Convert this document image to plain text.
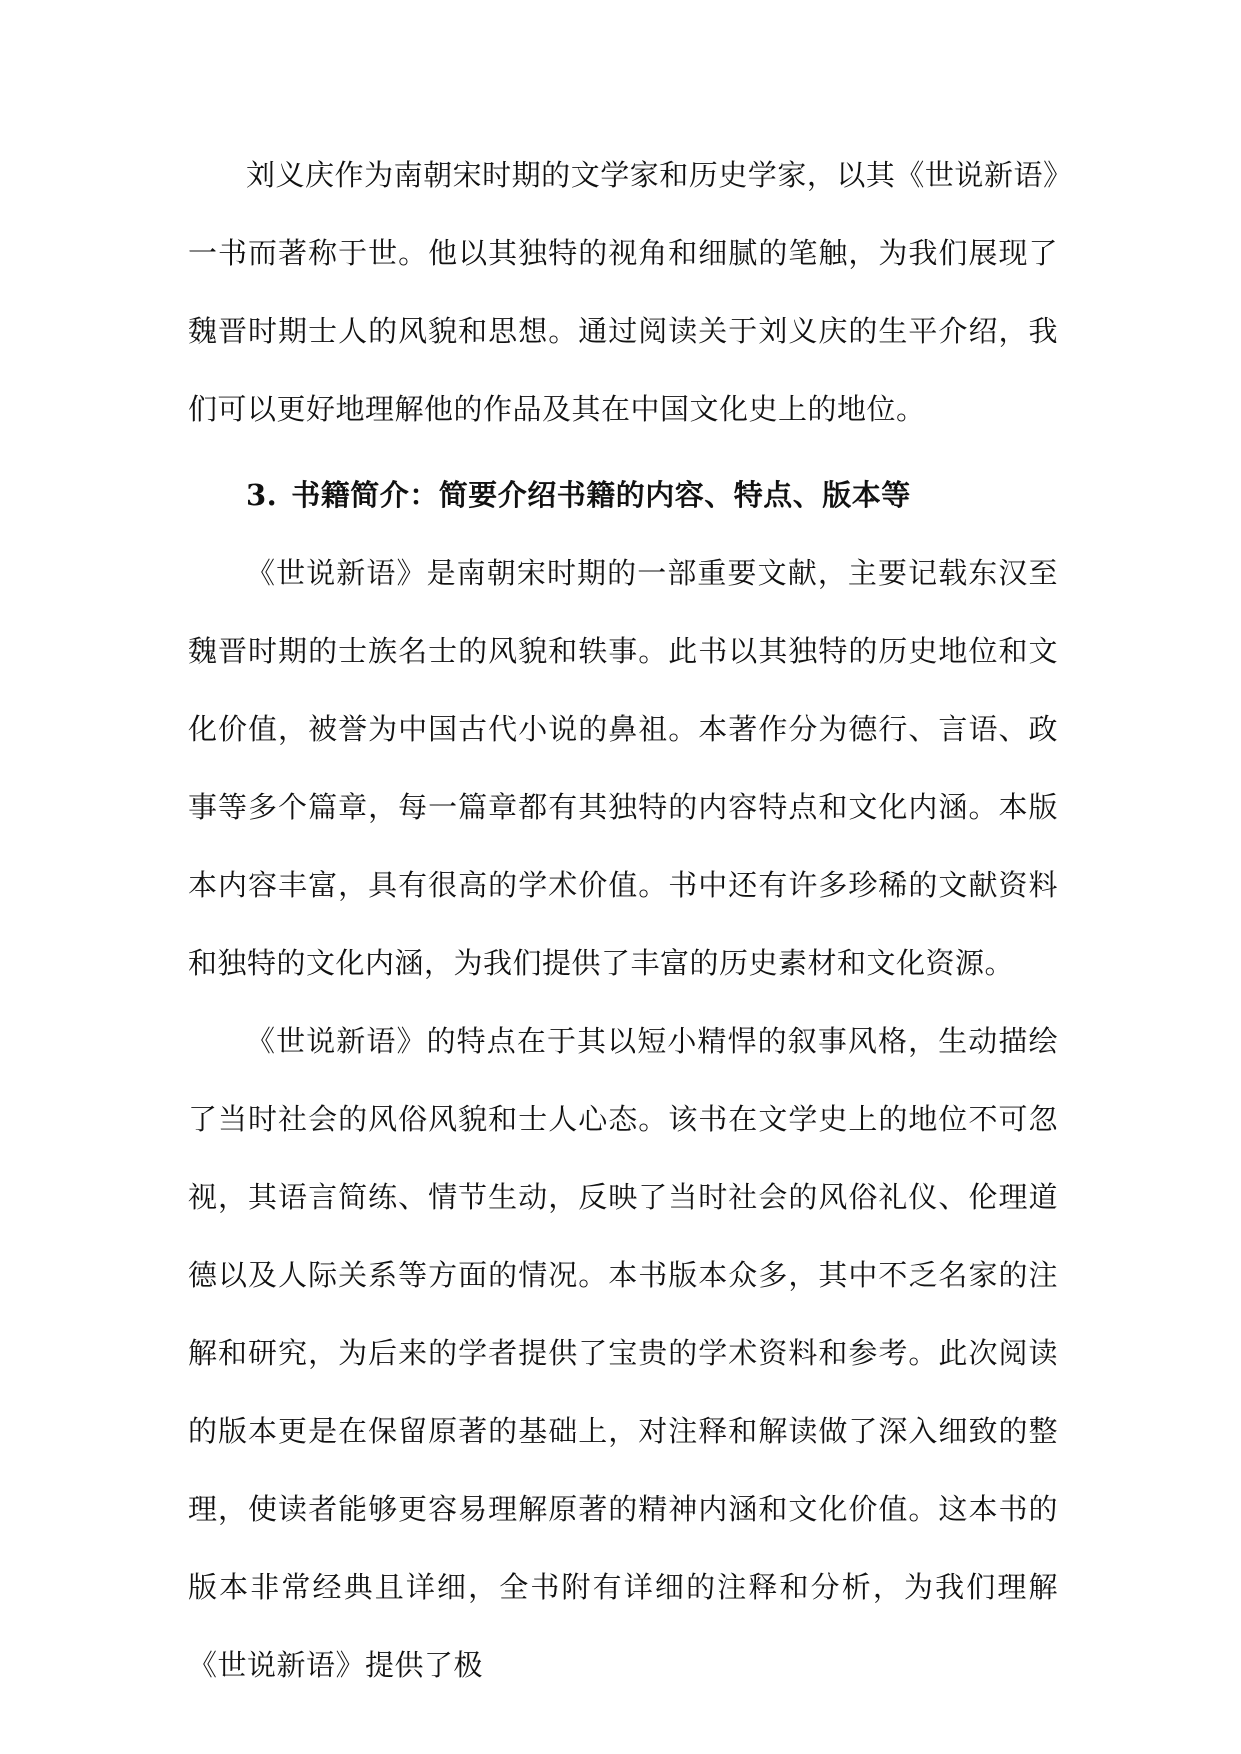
刘义庆作为南朝宋时期的文学家和历史学家，以其《世说新语》一书而著称于世。他以其独特的视角和细腻的笔触，为我们展现了魏晋时期士人的风貌和思想。通过阅读关于刘义庆的生平介绍，我们可以更好地理解他的作品及其在中国文化史上的地位。

3. 书籍简介：简要介绍书籍的内容、特点、版本等

《世说新语》是南朝宋时期的一部重要文献，主要记载东汉至魏晋时期的士族名士的风貌和轶事。此书以其独特的历史地位和文化价值，被誉为中国古代小说的鼻祖。本著作分为德行、言语、政事等多个篇章，每一篇章都有其独特的内容特点和文化内涵。本版本内容丰富，具有很高的学术价值。书中还有许多珍稀的文献资料和独特的文化内涵，为我们提供了丰富的历史素材和文化资源。

《世说新语》的特点在于其以短小精悍的叙事风格，生动描绘了当时社会的风俗风貌和士人心态。该书在文学史上的地位不可忽视，其语言简练、情节生动，反映了当时社会的风俗礼仪、伦理道德以及人际关系等方面的情况。本书版本众多，其中不乏名家的注解和研究，为后来的学者提供了宝贵的学术资料和参考。此次阅读的版本更是在保留原著的基础上，对注释和解读做了深入细致的整理，使读者能够更容易理解原著的精神内涵和文化价值。这本书的版本非常经典且详细，全书附有详细的注释和分析，为我们理解《世说新语》提供了极
